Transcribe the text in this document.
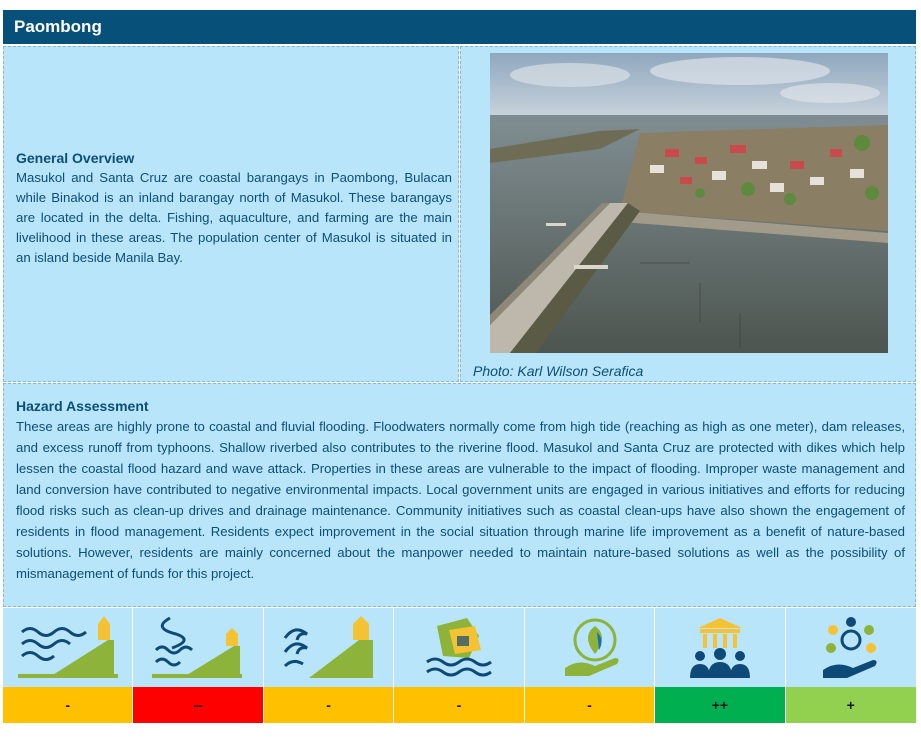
Paombong
General Overview
Masukol and Santa Cruz are coastal barangays in Paombong, Bulacan while Binakod is an inland barangay north of Masukol. These barangays are located in the delta. Fishing, aquaculture, and farming are the main livelihood in these areas. The population center of Masukol is situated in an island beside Manila Bay.
Photo: Karl Wilson Serafica
Hazard Assessment
These areas are highly prone to coastal and fluvial flooding. Floodwaters normally come from high tide (reaching as high as one meter), dam releases, and excess runoff from typhoons. Shallow riverbed also contributes to the riverine flood. Masukol and Santa Cruz are protected with dikes which help lessen the coastal flood hazard and wave attack. Properties in these areas are vulnerable to the impact of flooding. Improper waste management and land conversion have contributed to negative environmental impacts. Local government units are engaged in various initiatives and efforts for reducing flood risks such as clean-up drives and drainage maintenance. Community initiatives such as coastal clean-ups have also shown the engagement of residents in flood management. Residents expect improvement in the social situation through marine life improvement as a benefit of nature-based solutions. However, residents are mainly concerned about the manpower needed to maintain nature-based solutions as well as the possibility of mismanagement of funds for this project.
-	--	-	-	-	++	+
